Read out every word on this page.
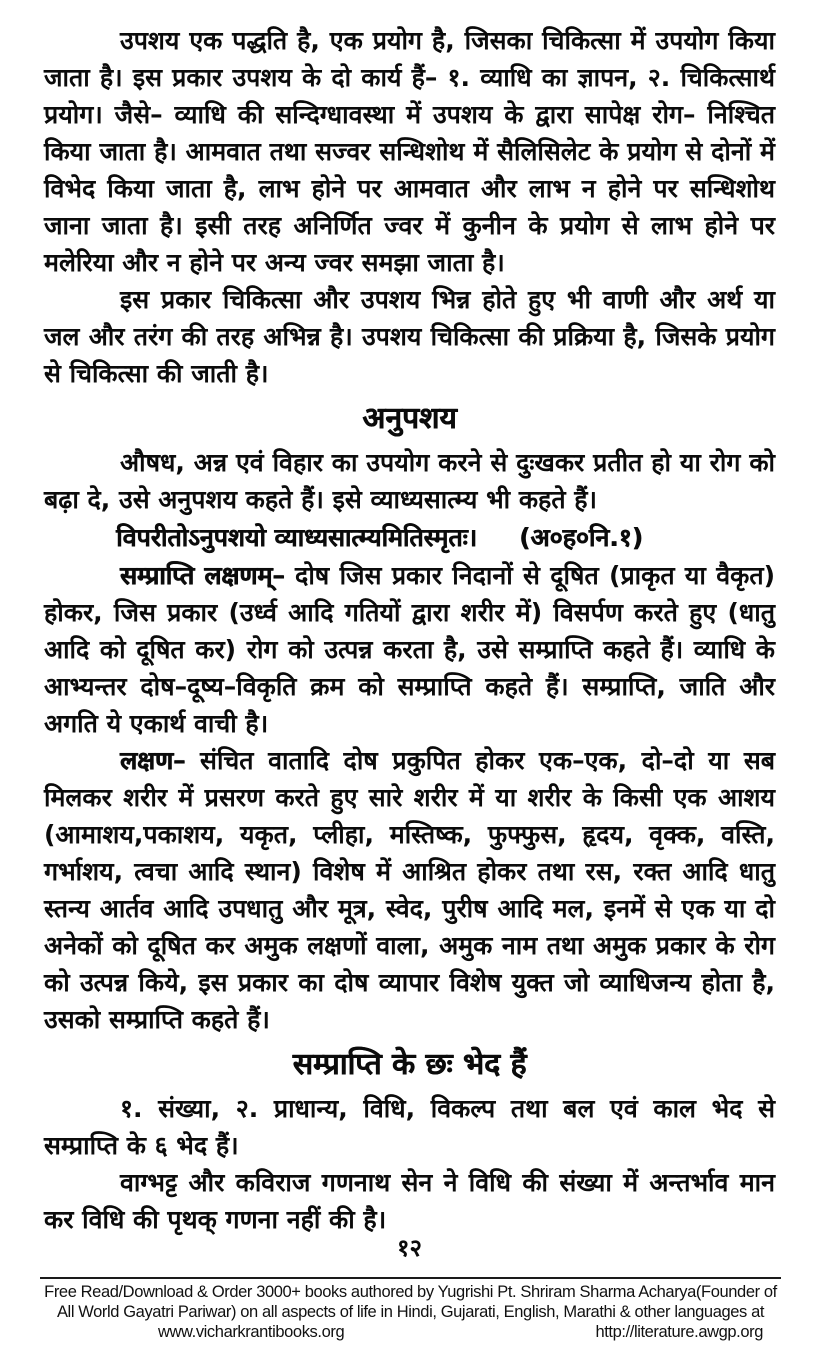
उपशय एक पद्धति है, एक प्रयोग है, जिसका चिकित्सा में उपयोग किया जाता है। इस प्रकार उपशय के दो कार्य हैं– १. व्याधि का ज्ञापन, २. चिकित्सार्थ प्रयोग। जैसे– व्याधि की सन्दिग्धावस्था में उपशय के द्वारा सापेक्ष रोग– निश्चित किया जाता है। आमवात तथा सज्वर सन्धिशोथ में सैलिसिलेट के प्रयोग से दोनों में विभेद किया जाता है, लाभ होने पर आमवात और लाभ न होने पर सन्धिशोथ जाना जाता है। इसी तरह अनिर्णित ज्वर में कुनीन के प्रयोग से लाभ होने पर मलेरिया और न होने पर अन्य ज्वर समझा जाता है।

इस प्रकार चिकित्सा और उपशय भिन्न होते हुए भी वाणी और अर्थ या जल और तरंग की तरह अभिन्न है। उपशय चिकित्सा की प्रक्रिया है, जिसके प्रयोग से चिकित्सा की जाती है।

अनुपशय

औषध, अन्न एवं विहार का उपयोग करने से दुःखकर प्रतीत हो या रोग को बढ़ा दे, उसे अनुपशय कहते हैं। इसे व्याध्यसात्म्य भी कहते हैं।

विपरीतोऽनुपशयो व्याध्यसात्म्यमितिस्मृतः। (अ०ह०नि.१)

सम्प्राप्ति लक्षणम्– दोष जिस प्रकार निदानों से दूषित (प्राकृत या वैकृत) होकर, जिस प्रकार (उर्ध्व आदि गतियों द्वारा शरीर में) विसर्पण करते हुए (धातु आदि को दूषित कर) रोग को उत्पन्न करता है, उसे सम्प्राप्ति कहते हैं। व्याधि के आभ्यन्तर दोष–दूष्य–विकृति क्रम को सम्प्राप्ति कहते हैं। सम्प्राप्ति, जाति और अगति ये एकार्थ वाची है।

लक्षण– संचित वातादि दोष प्रकुपित होकर एक–एक, दो–दो या सब मिलकर शरीर में प्रसरण करते हुए सारे शरीर में या शरीर के किसी एक आशय (आमाशय,पकाशय, यकृत, प्लीहा, मस्तिष्क, फुफ्फुस, हृदय, वृक्क, वस्ति, गर्भाशय, त्वचा आदि स्थान) विशेष में आश्रित होकर तथा रस, रक्त आदि धातु स्तन्य आर्तव आदि उपधातु और मूत्र, स्वेद, पुरीष आदि मल, इनमें से एक या दो अनेकों को दूषित कर अमुक लक्षणों वाला, अमुक नाम तथा अमुक प्रकार के रोग को उत्पन्न किये, इस प्रकार का दोष व्यापार विशेष युक्त जो व्याधिजन्य होता है, उसको सम्प्राप्ति कहते हैं।

सम्प्राप्ति के छः भेद हैं

१. संख्या, २. प्राधान्य, विधि, विकल्प तथा बल एवं काल भेद से सम्प्राप्ति के ६ भेद हैं।

वाग्भट्ट और कविराज गणनाथ सेन ने विधि की संख्या में अन्तर्भाव मान कर विधि की पृथक् गणना नहीं की है।

१२
Free Read/Download & Order 3000+ books authored by Yugrishi Pt. Shriram Sharma Acharya(Founder of
All World Gayatri Pariwar) on all aspects of life in Hindi, Gujarati, English, Marathi & other languages at
www.vicharkrantibooks.org	http://literature.awgp.org
